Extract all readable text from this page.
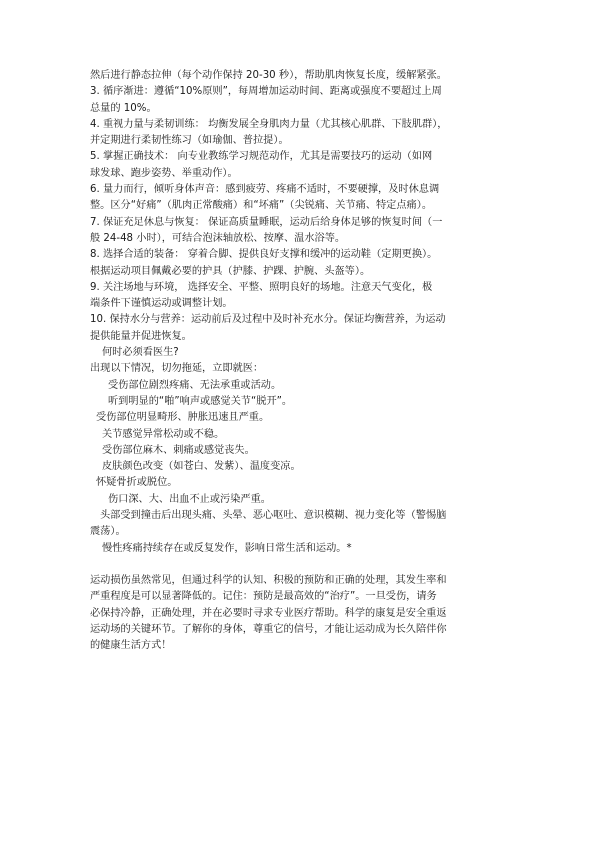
然后进行静态拉伸（每个动作保持 20-30 秒），帮助肌肉恢复长度，缓解紧张。
3. 循序渐进：遵循“10%原则”，每周增加运动时间、距离或强度不要超过上周
总量的 10%。
4. 重视力量与柔韧训练： 均衡发展全身肌肉力量（尤其核心肌群、下肢肌群），
并定期进行柔韧性练习（如瑜伽、普拉提）。
5. 掌握正确技术： 向专业教练学习规范动作，尤其是需要技巧的运动（如网
球发球、跑步姿势、举重动作）。
6. 量力而行，倾听身体声音：感到疲劳、疼痛不适时，不要硬撑，及时休息调
整。区分“好痛”（肌肉正常酸痛）和“坏痛”（尖锐痛、关节痛、特定点痛）。
7. 保证充足休息与恢复： 保证高质量睡眠，运动后给身体足够的恢复时间（一
般 24-48 小时），可结合泡沫轴放松、按摩、温水浴等。
8. 选择合适的装备： 穿着合脚、提供良好支撑和缓冲的运动鞋（定期更换）。
根据运动项目佩戴必要的护具（护膝、护踝、护腕、头盔等）。
9. 关注场地与环境， 选择安全、平整、照明良好的场地。注意天气变化，极
端条件下谨慎运动或调整计划。
10. 保持水分与营养：运动前后及过程中及时补充水分。保证均衡营养，为运动
提供能量并促进恢复。
何时必须看医生?
出现以下情况，切勿拖延，立即就医：
受伤部位剧烈疼痛、无法承重或活动。
听到明显的“啪”响声或感觉关节“脱开”。
受伤部位明显畸形、肿胀迅速且严重。
关节感觉异常松动或不稳。
受伤部位麻木、刺痛或感觉丧失。
皮肤颜色改变（如苍白、发紫）、温度变凉。
怀疑骨折或脱位。
伤口深、大、出血不止或污染严重。
头部受到撞击后出现头痛、头晕、恶心呕吐、意识模糊、视力变化等（警惕脑
震荡）。
慢性疼痛持续存在或反复发作，影响日常生活和运动。*
运动损伤虽然常见，但通过科学的认知、积极的预防和正确的处理，其发生率和
严重程度是可以显著降低的。记住：预防是最高效的“治疗”。一旦受伤，请务
必保持冷静，正确处理，并在必要时寻求专业医疗帮助。科学的康复是安全重返
运动场的关键环节。了解你的身体，尊重它的信号，才能让运动成为长久陪伴你
的健康生活方式！
